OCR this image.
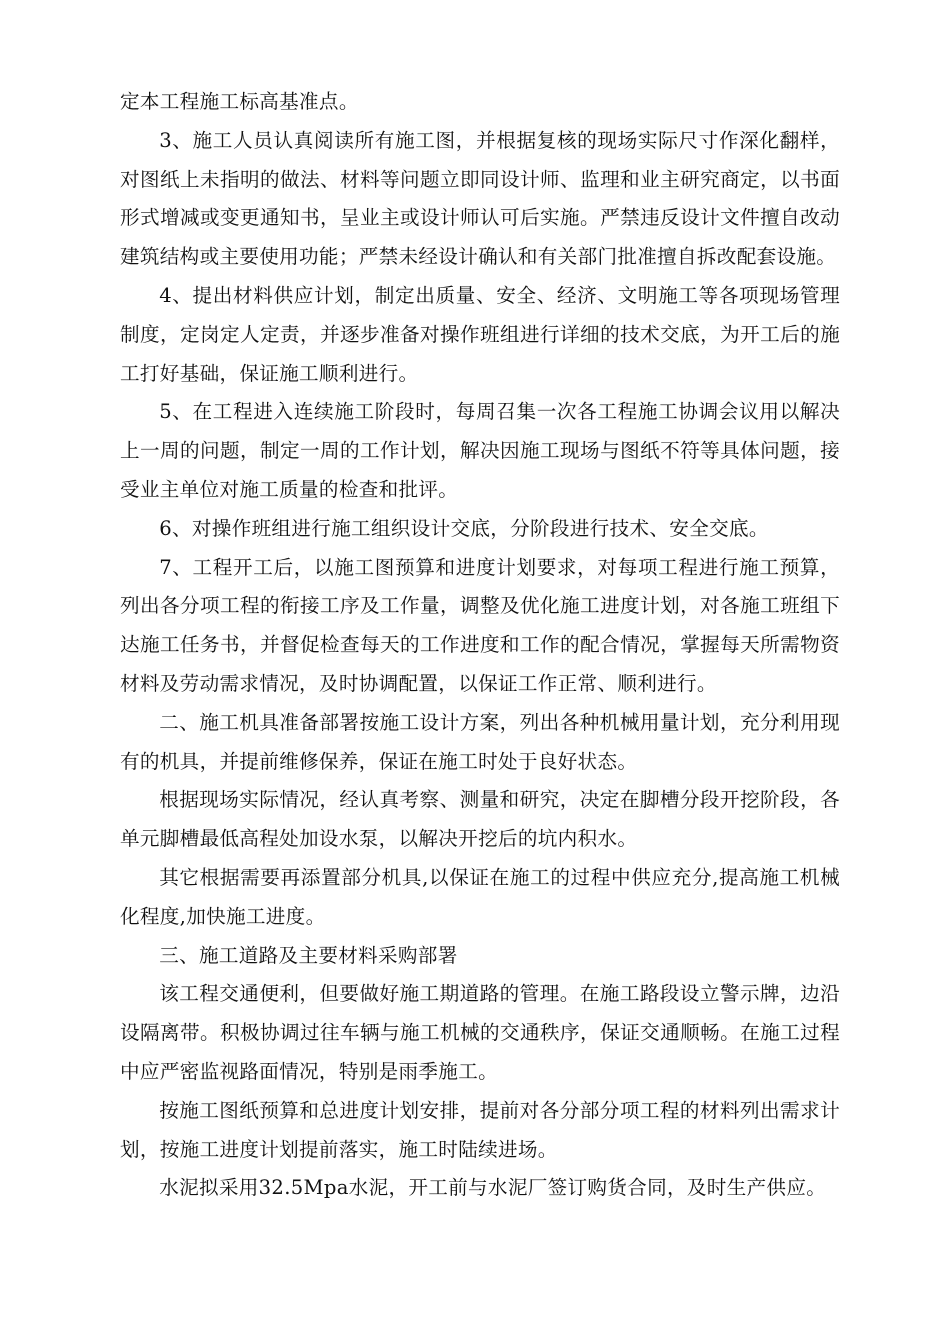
定本工程施工标高基准点。

3、施工人员认真阅读所有施工图，并根据复核的现场实际尺寸作深化翻样，对图纸上未指明的做法、材料等问题立即同设计师、监理和业主研究商定，以书面形式增减或变更通知书，呈业主或设计师认可后实施。严禁违反设计文件擅自改动建筑结构或主要使用功能；严禁未经设计确认和有关部门批准擅自拆改配套设施。

4、提出材料供应计划，制定出质量、安全、经济、文明施工等各项现场管理制度，定岗定人定责，并逐步准备对操作班组进行详细的技术交底，为开工后的施工打好基础，保证施工顺利进行。

5、在工程进入连续施工阶段时，每周召集一次各工程施工协调会议用以解决上一周的问题，制定一周的工作计划，解决因施工现场与图纸不符等具体问题，接受业主单位对施工质量的检查和批评。

6、对操作班组进行施工组织设计交底，分阶段进行技术、安全交底。

7、工程开工后，以施工图预算和进度计划要求，对每项工程进行施工预算，列出各分项工程的衔接工序及工作量，调整及优化施工进度计划，对各施工班组下达施工任务书，并督促检查每天的工作进度和工作的配合情况，掌握每天所需物资材料及劳动需求情况，及时协调配置，以保证工作正常、顺利进行。

二、施工机具准备部署按施工设计方案，列出各种机械用量计划，充分利用现有的机具，并提前维修保养，保证在施工时处于良好状态。

根据现场实际情况，经认真考察、测量和研究，决定在脚槽分段开挖阶段，各单元脚槽最低高程处加设水泵，以解决开挖后的坑内积水。

其它根据需要再添置部分机具,以保证在施工的过程中供应充分,提高施工机械化程度,加快施工进度。

三、施工道路及主要材料采购部署

该工程交通便利，但要做好施工期道路的管理。在施工路段设立警示牌，边沿设隔离带。积极协调过往车辆与施工机械的交通秩序，保证交通顺畅。在施工过程中应严密监视路面情况，特别是雨季施工。

按施工图纸预算和总进度计划安排，提前对各分部分项工程的材料列出需求计划，按施工进度计划提前落实，施工时陆续进场。

水泥拟采用32.5Mpa水泥，开工前与水泥厂签订购货合同，及时生产供应。
